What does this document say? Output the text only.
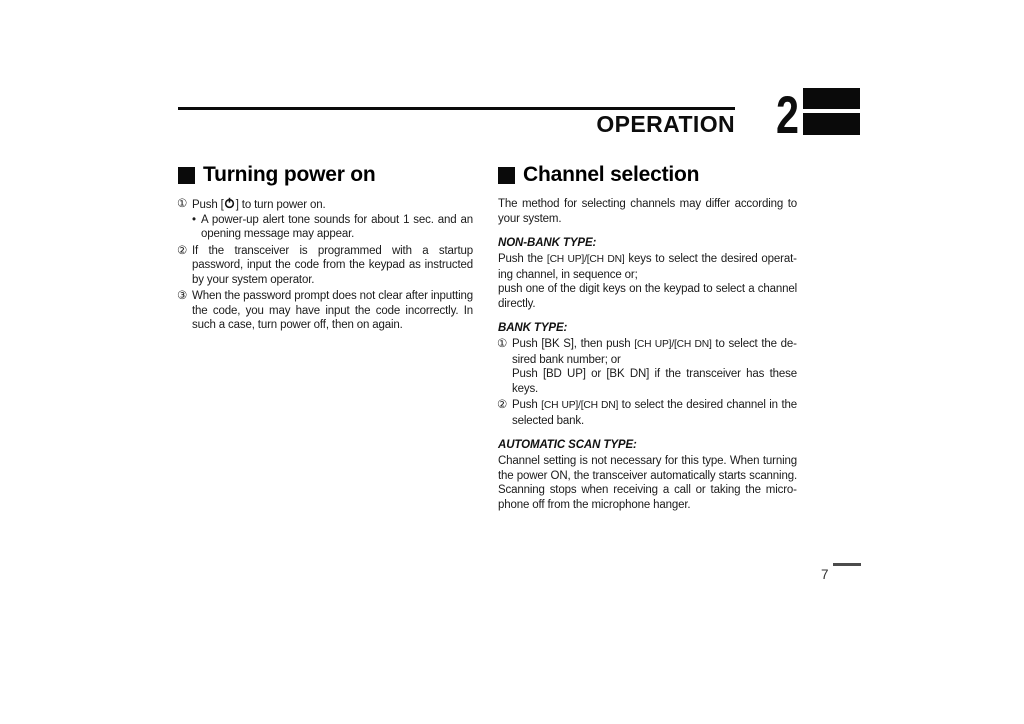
OPERATION 2
Turning power on
① Push [ ] to turn power on.

• A power-up alert tone sounds for about 1 sec. and an opening message may appear.

② If the transceiver is programmed with a startup password, input the code from the keypad as instructed by your system operator.

③ When the password prompt does not clear after inputting the code, you may have input the code incorrectly. In such a case, turn power off, then on again.

Channel selection

The method for selecting channels may differ according to your system.

NON-BANK TYPE:

Push the [CH UP]/[CH DN] keys to select the desired operating channel, in sequence or;

push one of the digit keys on the keypad to select a channel directly.

BANK TYPE:
① Push [BK S], then push [CH UP]/[CH DN] to select the desired bank number; or

Push [BD UP] or [BK DN] if the transceiver has these keys.

② Push [CH UP]/[CH DN] to select the desired channel in the selected bank.

AUTOMATIC SCAN TYPE:

Channel setting is not necessary for this type. When turning the power ON, the transceiver automatically starts scanning. Scanning stops when receiving a call or taking the microphone off from the microphone hanger.

7
